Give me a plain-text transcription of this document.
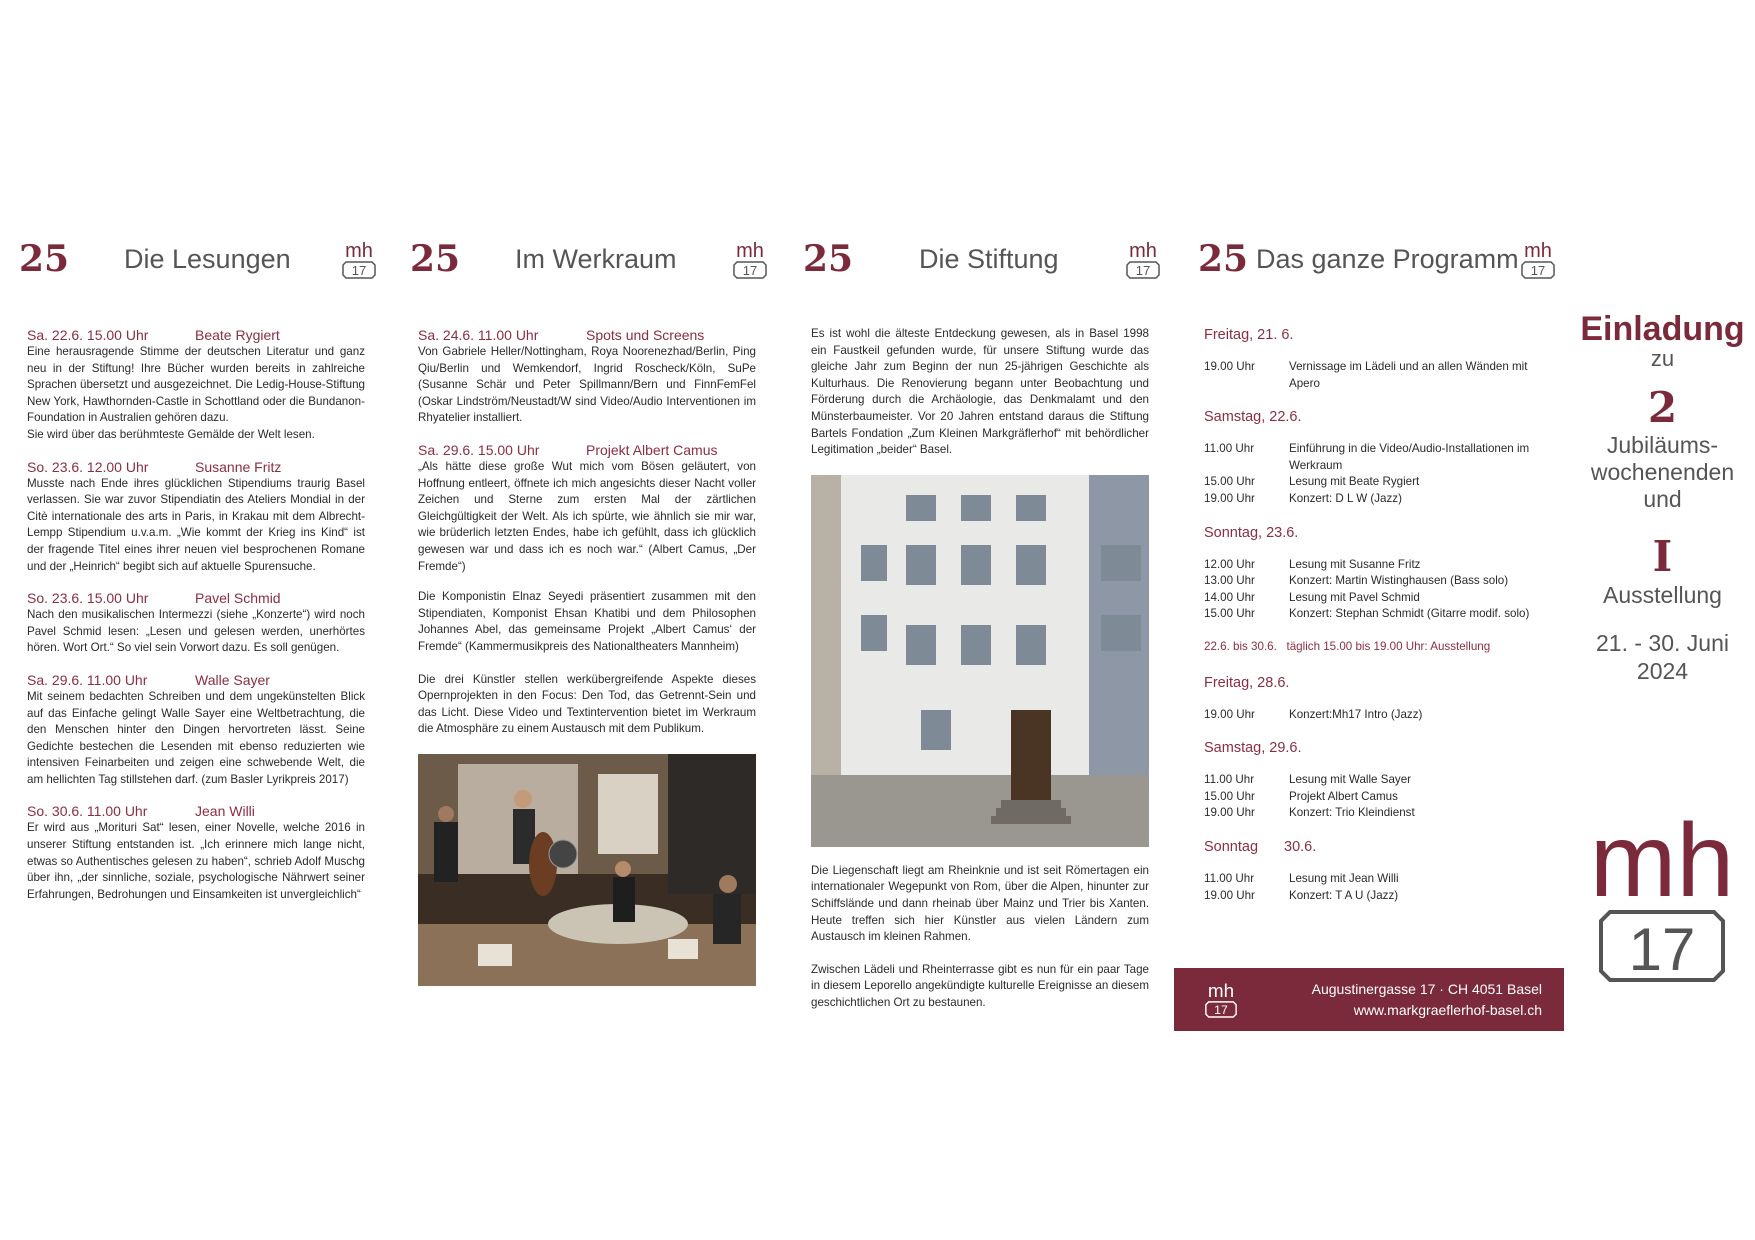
25 Die Lesungen	mh
17
Sa. 22.6. 15.00 Uhr	Beate Rygiert
Eine herausragende Stimme der deutschen Literatur und ganz neu in der Stiftung! Ihre Bücher wurden bereits in zahlreiche Sprachen übersetzt und ausgezeichnet. Die Ledig-House-Stiftung New York, Hawthornden-Castle in Schottland oder die Bundanon-Foundation in Australien gehören dazu.
Sie wird über das berühmteste Gemälde der Welt lesen.
So. 23.6. 12.00 Uhr	Susanne Fritz
Musste nach Ende ihres glücklichen Stipendiums traurig Basel verlassen. Sie war zuvor Stipendiatin des Ateliers Mondial in der Citè internationale des arts in Paris, in Krakau mit dem Albrecht-Lempp Stipendium u.v.a.m. „Wie kommt der Krieg ins Kind“ ist der fragende Titel eines ihrer neuen viel besprochenen Romane und der „Heinrich“ begibt sich auf aktuelle Spurensuche.
So. 23.6. 15.00 Uhr	Pavel Schmid
Nach den musikalischen Intermezzi (siehe „Konzerte“) wird noch Pavel Schmid lesen: „Lesen und gelesen werden, unerhörtes hören. Wort Ort.“ So viel sein Vorwort dazu. Es soll genügen.
Sa. 29.6. 11.00 Uhr	Walle Sayer
Mit seinem bedachten Schreiben und dem ungekünstelten Blick auf das Einfache gelingt Walle Sayer eine Weltbetrachtung, die den Menschen hinter den Dingen hervortreten lässt. Seine Gedichte bestechen die Lesenden mit ebenso reduzierten wie intensiven Feinarbeiten und zeigen eine schwebende Welt, die am hellichten Tag stillstehen darf. (zum Basler Lyrikpreis 2017)
So. 30.6. 11.00 Uhr	Jean Willi
Er wird aus „Morituri Sat“ lesen, einer Novelle, welche 2016 in unserer Stiftung entstanden ist. „Ich erinnere mich lange nicht, etwas so Authentisches gelesen zu haben“, schrieb Adolf Muschg über ihn, „der sinnliche, soziale, psychologische Nährwert seiner Erfahrungen, Bedrohungen und Einsamkeiten ist unvergleichlich“
25 Im Werkraum	mh
17
Sa. 24.6. 11.00 Uhr	Spots und Screens
Von Gabriele Heller/Nottingham, Roya Noorenezhad/Berlin, Ping Qiu/Berlin und Wemkendorf, Ingrid Roscheck/Köln, SuPe (Susanne Schär und Peter Spillmann/Bern und FinnFemFel (Oskar Lindström/Neustadt/W sind Video/Audio Interventionen im Rhyatelier installiert.
Sa. 29.6. 15.00 Uhr	Projekt Albert Camus
„Als hätte diese große Wut mich vom Bösen geläutert, von Hoffnung entleert, öffnete ich mich angesichts dieser Nacht voller Zeichen und Sterne zum ersten Mal der zärtlichen Gleichgültigkeit der Welt. Als ich spürte, wie ähnlich sie mir war, wie brüderlich letzten Endes, habe ich gefühlt, dass ich glücklich gewesen war und dass ich es noch war.“ (Albert Camus, „Der Fremde“)
Die Komponistin Elnaz Seyedi präsentiert zusammen mit den Stipendiaten, Komponist Ehsan Khatibi und dem Philosophen Johannes Abel, das gemeinsame Projekt „Albert Camus‘ der Fremde“ (Kammermusikpreis des Nationaltheaters Mannheim)
Die drei Künstler stellen werkübergreifende Aspekte dieses Opernprojekten in den Focus: Den Tod, das Getrennt-Sein und das Licht. Diese Video und Textintervention bietet im Werkraum die Atmosphäre zu einem Austausch mit dem Publikum.
25 Die Stiftung	mh
17
Es ist wohl die älteste Entdeckung gewesen, als in Basel 1998 ein Faustkeil gefunden wurde, für unsere Stiftung wurde das gleiche Jahr zum Beginn der nun 25-jährigen Geschichte als Kulturhaus. Die Renovierung begann unter Beobachtung und Förderung durch die Archäologie, das Denkmalamt und den Münsterbaumeister. Vor 20 Jahren entstand daraus die Stiftung Bartels Fondation „Zum Kleinen Markgräflerhof“ mit behördlicher Legitimation „beider“ Basel.
Die Liegenschaft liegt am Rheinknie und ist seit Römertagen ein internationaler Wegepunkt von Rom, über die Alpen, hinunter zur Schiffslände und dann rheinab über Mainz und Trier bis Xanten. Heute treffen sich hier Künstler aus vielen Ländern zum Austausch im kleinen Rahmen.
Zwischen Lädeli und Rheinterrasse gibt es nun für ein paar Tage in diesem Leporello angekündigte kulturelle Ereignisse an diesem geschichtlichen Ort zu bestaunen.
25 Das ganze Programm mh
17
Freitag, 21. 6.
19.00 Uhr	Vernissage im Lädeli und an allen Wänden mit Apero
Samstag, 22.6.
11.00 Uhr	Einführung in die Video/Audio-Installationen im Werkraum
15.00 Uhr	Lesung mit Beate Rygiert
19.00 Uhr	Konzert: D L W (Jazz)
Sonntag, 23.6.
12.00 Uhr	Lesung mit Susanne Fritz
13.00 Uhr	Konzert: Martin Wistinghausen (Bass solo)
14.00 Uhr	Lesung mit Pavel Schmid
15.00 Uhr	Konzert: Stephan Schmidt (Gitarre modif. solo)
22.6. bis 30.6.   täglich 15.00 bis 19.00 Uhr: Ausstellung
Freitag, 28.6.
19.00 Uhr	Konzert:Mh17 Intro (Jazz)
Samstag, 29.6.
11.00 Uhr	Lesung mit Walle Sayer
15.00 Uhr	Projekt Albert Camus
19.00 Uhr	Konzert: Trio Kleindienst
Sonntag 30.6.
11.00 Uhr	Lesung mit Jean Willi
19.00 Uhr	Konzert: T A U (Jazz)
mh
17
Augustinergasse 17 · CH 4051 Basel
www.markgraeflerhof-basel.ch
Einladung
zu
2
Jubiläums-
wochenenden
und
I
Ausstellung
21. - 30. Juni
2024
mh
17
